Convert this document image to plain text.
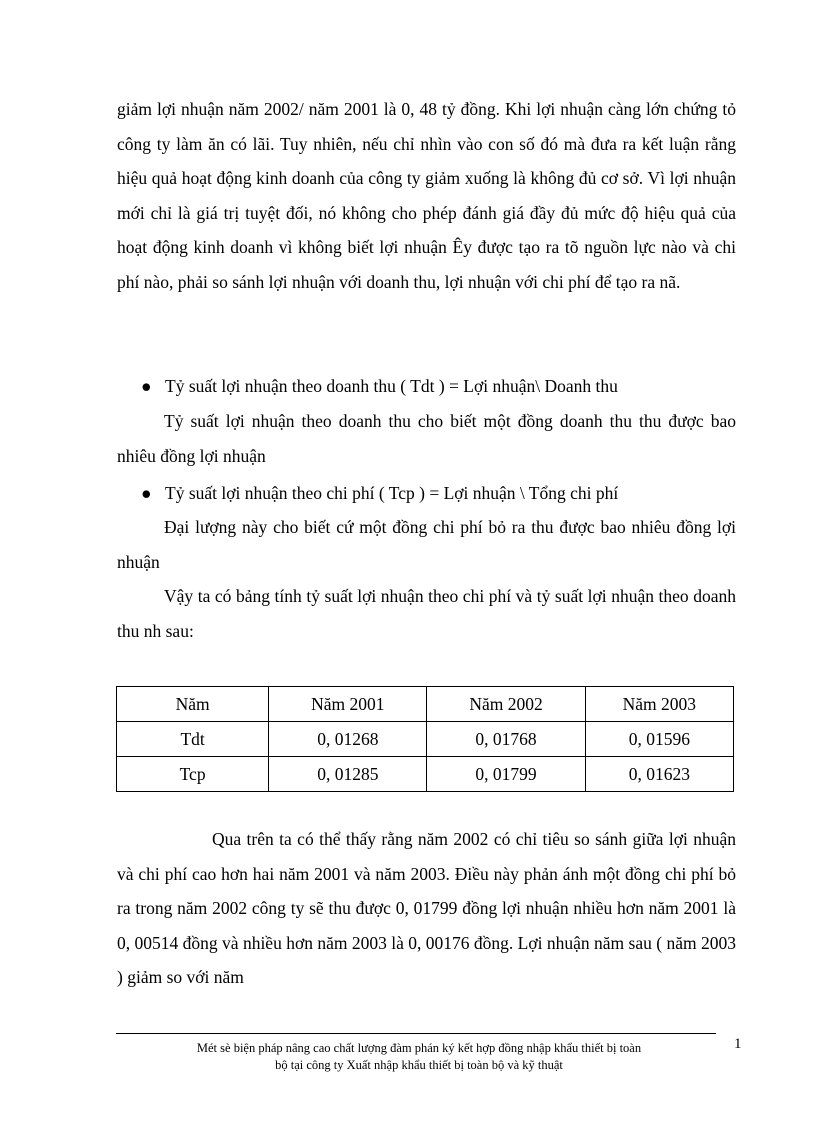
giảm lợi nhuận năm 2002/ năm 2001 là 0, 48 tỷ đồng. Khi lợi nhuận càng lớn chứng tỏ công ty làm ăn có lãi. Tuy nhiên, nếu chỉ nhìn vào con số đó mà đưa ra kết luận rằng hiệu quả hoạt động kinh doanh của công ty giảm xuống là không đủ cơ sở. Vì lợi nhuận mới chỉ là giá trị tuyệt đối, nó không cho phép đánh giá đầy đủ mức độ hiệu quả của hoạt động kinh doanh vì không biết lợi nhuận Êy được tạo ra tõ nguồn lực nào và chi phí nào, phải so sánh lợi nhuận với doanh thu, lợi nhuận với chi phí để tạo ra nã.

● Tỷ suất lợi nhuận theo doanh thu ( Tdt ) = Lợi nhuận\ Doanh thu

Tỷ suất lợi nhuận theo doanh thu cho biết một đồng doanh thu thu được bao nhiêu đồng lợi nhuận

● Tỷ suất lợi nhuận theo chi phí ( Tcp ) = Lợi nhuận \ Tổng chi phí

Đại lượng này cho biết cứ một đồng chi phí bỏ ra thu được bao nhiêu đồng lợi nhuận

Vậy ta có bảng tính tỷ suất lợi nhuận theo chi phí và tỷ suất lợi nhuận theo doanh thu nh sau:

Năm	Năm 2001	Năm 2002	Năm 2003
Tdt	0, 01268	0, 01768	0, 01596
Tcp	0, 01285	0, 01799	0, 01623

Qua trên ta có thể thấy rằng năm 2002 có chỉ tiêu so sánh giữa lợi nhuận và chi phí cao hơn hai năm 2001 và năm 2003. Điều này phản ánh một đồng chi phí bỏ ra trong năm 2002 công ty sẽ thu được 0, 01799 đồng lợi nhuận nhiều hơn năm 2001 là 0, 00514 đồng và nhiều hơn năm 2003 là 0, 00176 đồng. Lợi nhuận năm sau ( năm 2003 ) giảm so với năm

Mét sè biện pháp nâng cao chất lượng đàm phán ký kết hợp đồng nhập khẩu thiết bị toàn
bộ tại công ty Xuất nhập khẩu thiết bị toàn bộ và kỹ thuật
1
